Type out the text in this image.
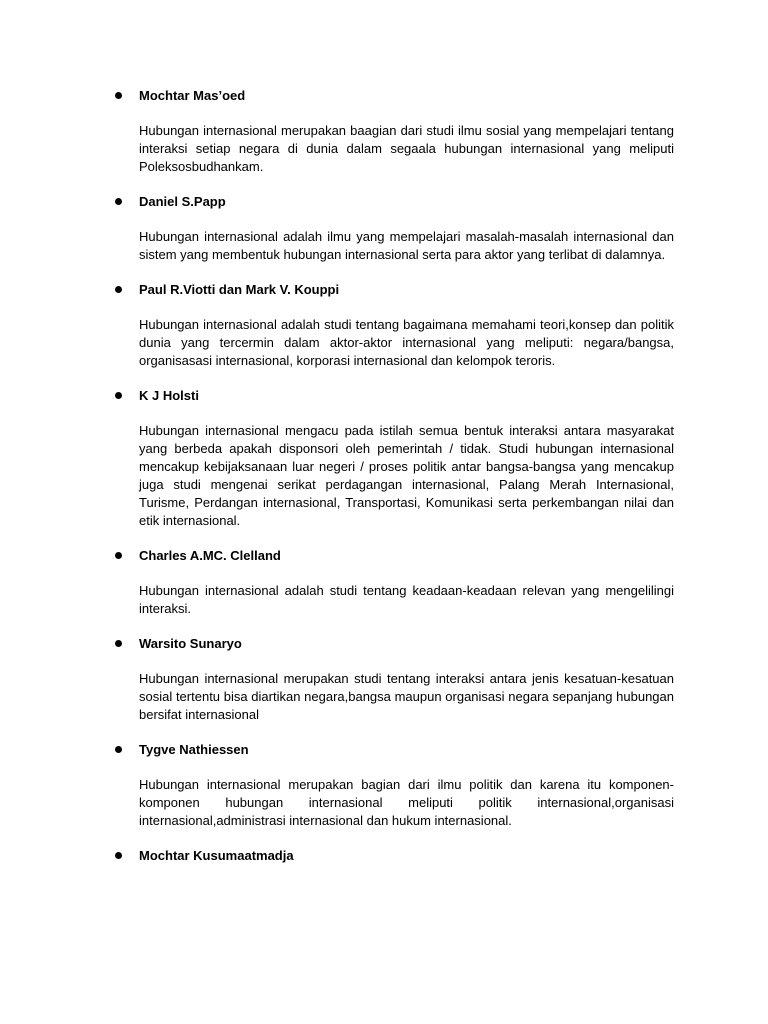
Mochtar Mas’oed

Hubungan internasional merupakan baagian dari studi ilmu sosial yang mempelajari tentang interaksi setiap negara di dunia dalam segaala hubungan internasional yang meliputi Poleksosbudhankam.

Daniel S.Papp

Hubungan internasional adalah ilmu yang mempelajari masalah-masalah internasional dan sistem yang membentuk hubungan internasional serta para aktor yang terlibat di dalamnya.

Paul R.Viotti dan Mark V. Kouppi

Hubungan internasional adalah studi tentang bagaimana memahami teori,konsep dan politik dunia yang tercermin dalam aktor-aktor internasional yang meliputi: negara/bangsa, organisasasi internasional, korporasi internasional dan kelompok teroris.

K J Holsti

Hubungan internasional mengacu pada istilah semua bentuk interaksi antara masyarakat yang berbeda apakah disponsori oleh pemerintah / tidak. Studi hubungan internasional mencakup kebijaksanaan luar negeri / proses politik antar bangsa-bangsa yang mencakup juga studi mengenai serikat perdagangan internasional, Palang Merah Internasional, Turisme, Perdangan internasional, Transportasi, Komunikasi serta perkembangan nilai dan etik internasional.

Charles A.MC. Clelland

Hubungan internasional adalah studi tentang keadaan-keadaan relevan yang mengelilingi interaksi.

Warsito Sunaryo

Hubungan internasional merupakan studi tentang interaksi antara jenis kesatuan-kesatuan sosial tertentu bisa diartikan negara,bangsa maupun organisasi negara sepanjang hubungan bersifat internasional

Tygve Nathiessen

Hubungan internasional merupakan bagian dari ilmu politik dan karena itu komponen-komponen hubungan internasional meliputi politik internasional,organisasi internasional,administrasi internasional dan hukum internasional.

Mochtar Kusumaatmadja
